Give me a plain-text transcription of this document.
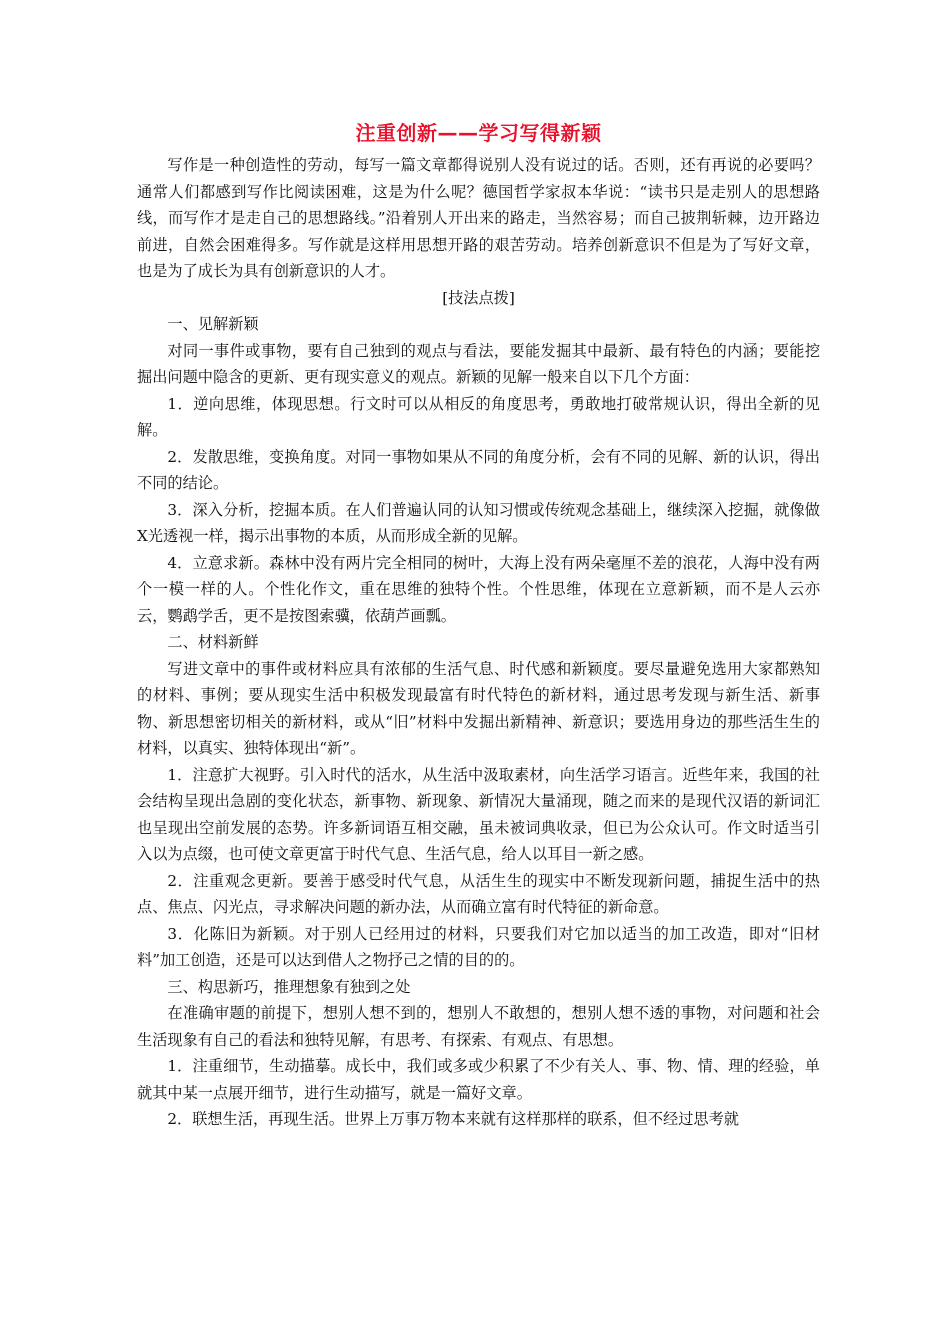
注重创新——学习写得新颖

写作是一种创造性的劳动，每写一篇文章都得说别人没有说过的话。否则，还有再说的必要吗？通常人们都感到写作比阅读困难，这是为什么呢？德国哲学家叔本华说：“读书只是走别人的思想路线，而写作才是走自己的思想路线。”沿着别人开出来的路走，当然容易；而自己披荆斩棘，边开路边前进，自然会困难得多。写作就是这样用思想开路的艰苦劳动。培养创新意识不但是为了写好文章，也是为了成长为具有创新意识的人才。

[技法点拨]

一、见解新颖

对同一事件或事物，要有自己独到的观点与看法，要能发掘其中最新、最有特色的内涵；要能挖掘出问题中隐含的更新、更有现实意义的观点。新颖的见解一般来自以下几个方面：

1．逆向思维，体现思想。行文时可以从相反的角度思考，勇敢地打破常规认识，得出全新的见解。

2．发散思维，变换角度。对同一事物如果从不同的角度分析，会有不同的见解、新的认识，得出不同的结论。

3．深入分析，挖掘本质。在人们普遍认同的认知习惯或传统观念基础上，继续深入挖掘，就像做X光透视一样，揭示出事物的本质，从而形成全新的见解。

4．立意求新。森林中没有两片完全相同的树叶，大海上没有两朵毫厘不差的浪花，人海中没有两个一模一样的人。个性化作文，重在思维的独特个性。个性思维，体现在立意新颖，而不是人云亦云，鹦鹉学舌，更不是按图索骥，依葫芦画瓢。

二、材料新鲜

写进文章中的事件或材料应具有浓郁的生活气息、时代感和新颖度。要尽量避免选用大家都熟知的材料、事例；要从现实生活中积极发现最富有时代特色的新材料，通过思考发现与新生活、新事物、新思想密切相关的新材料，或从“旧”材料中发掘出新精神、新意识；要选用身边的那些活生生的材料，以真实、独特体现出“新”。

1．注意扩大视野。引入时代的活水，从生活中汲取素材，向生活学习语言。近些年来，我国的社会结构呈现出急剧的变化状态，新事物、新现象、新情况大量涌现，随之而来的是现代汉语的新词汇也呈现出空前发展的态势。许多新词语互相交融，虽未被词典收录，但已为公众认可。作文时适当引入以为点缀，也可使文章更富于时代气息、生活气息，给人以耳目一新之感。

2．注重观念更新。要善于感受时代气息，从活生生的现实中不断发现新问题，捕捉生活中的热点、焦点、闪光点，寻求解决问题的新办法，从而确立富有时代特征的新命意。

3．化陈旧为新颖。对于别人已经用过的材料，只要我们对它加以适当的加工改造，即对“旧材料”加工创造，还是可以达到借人之物抒己之情的目的的。

三、构思新巧，推理想象有独到之处

在准确审题的前提下，想别人想不到的，想别人不敢想的，想别人想不透的事物，对问题和社会生活现象有自己的看法和独特见解，有思考、有探索、有观点、有思想。

1．注重细节，生动描摹。成长中，我们或多或少积累了不少有关人、事、物、情、理的经验，单就其中某一点展开细节，进行生动描写，就是一篇好文章。

2．联想生活，再现生活。世界上万事万物本来就有这样那样的联系，但不经过思考就
